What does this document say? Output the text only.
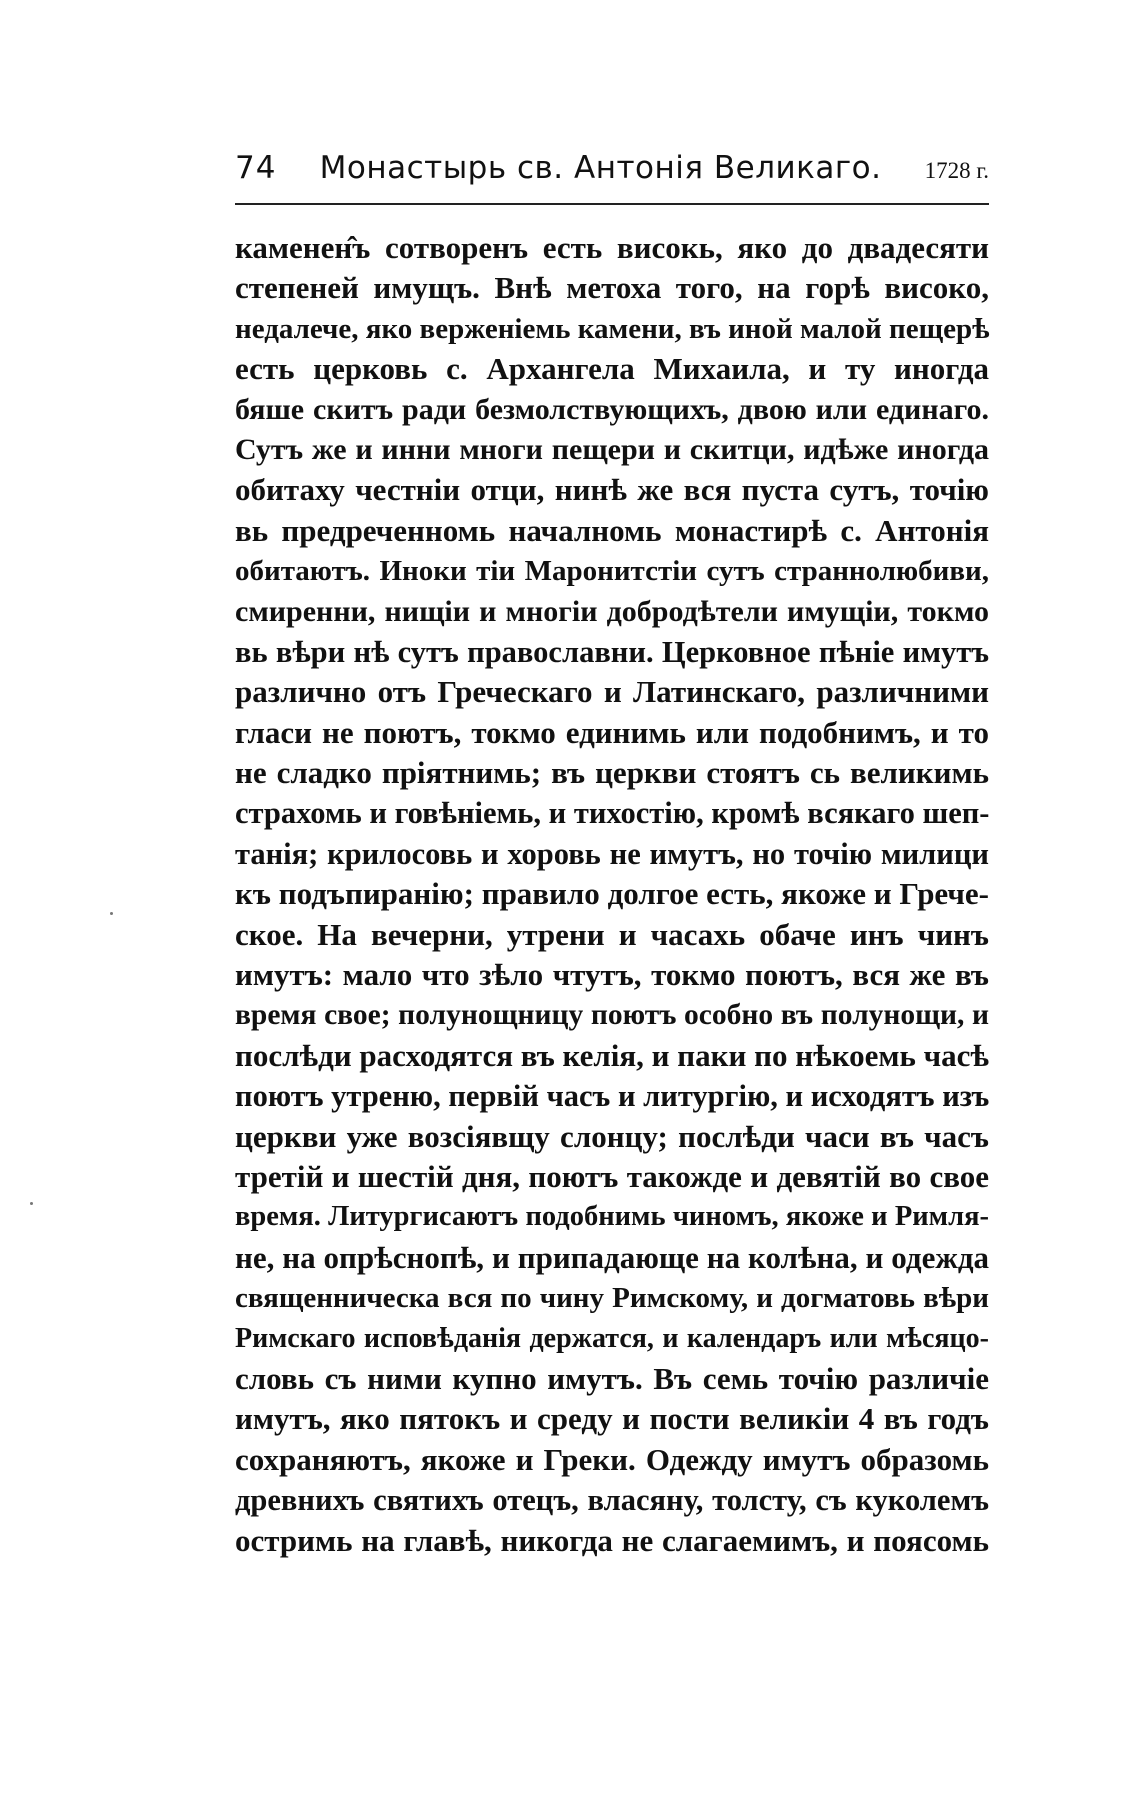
74 Монастырь св. Антонія Великаго. 1728 г.
каменен̂ъ сотворенъ есть високь, яко до двадесяти
степеней имущъ. Внѣ метоха того, на горѣ високо,
недалече, яко верженіемь камени, въ иной малой пещерѣ
есть церковь с. Архангела Михаила, и ту иногда
бяше скитъ ради безмолствующихъ, двою или единаго.
Сутъ же и инни многи пещери и скитци, идѣже иногда
обитаху честніи отци, нинѣ же вся пуста сутъ, точію
вь предреченномь началномь монастирѣ с. Антонія
обитаютъ. Иноки тіи Маронитстіи сутъ страннолюбиви,
смиренни, нищіи и многіи добродѣтели имущіи, токмо
вь вѣри нѣ сутъ православни. Церковное пѣніе имутъ
различно отъ Греческаго и Латинскаго, различними
гласи не поютъ, токмо единимь или подобнимъ, и то
не сладко пріятнимь; въ церкви стоятъ сь великимь
страхомь и говѣніемь, и тихостію, кромѣ всякаго шеп-
танія; крилосовь и хоровь не имутъ, но точію милици
къ подъпиранію; правило долгое есть, якоже и Грече-
ское. На вечерни, утрени и часахь обаче инъ чинъ
имутъ: мало что зѣло чтутъ, токмо поютъ, вся же въ
время свое; полунощницу поютъ особно въ полунощи, и
послѣди расходятся въ келія, и паки по нѣкоемь часѣ
поютъ утреню, первій часъ и литургію, и исходятъ изъ
церкви уже возсіявщу слонцу; послѣди часи въ часъ
третій и шестій дня, поютъ такожде и девятій во свое
время. Литургисаютъ подобнимь чиномъ, якоже и Римля-
не, на опрѣснопѣ, и припадающе на колѣна, и одежда
священническа вся по чину Римскому, и догматовь вѣри
Римскаго исповѣданія держатся, и календаръ или мѣсяцо-
словь съ ними купно имутъ. Въ семь точію различіе
имутъ, яко пятокъ и среду и пости великіи 4 въ годъ
сохраняютъ, якоже и Греки. Одежду имутъ образомь
древнихъ святихъ отецъ, власяну, толсту, съ куколемъ
остримь на главѣ, никогда не слагаемимъ, и поясомь
